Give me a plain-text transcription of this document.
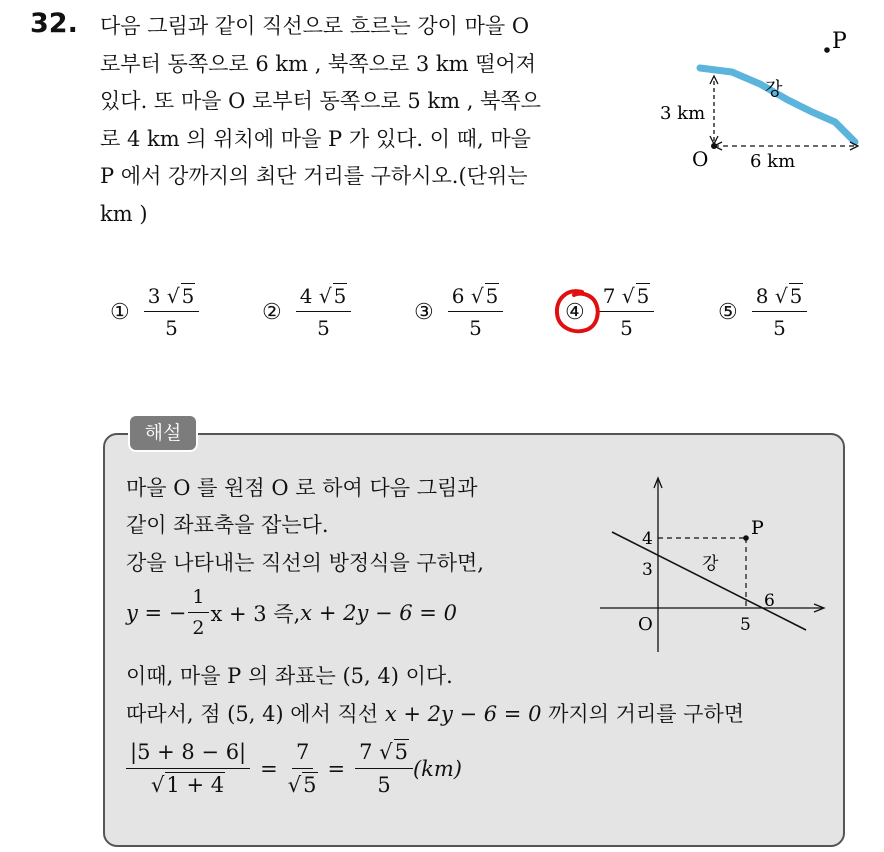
32. 다음 그림과 같이 직선으로 흐르는 강이 마을 O
로부터 동쪽으로 6 km , 북쪽으로 3 km 떨어져
있다. 또 마을 O 로부터 동쪽으로 5 km , 북쪽으
로 4 km 의 위치에 마을 P 가 있다. 이 때, 마을
P 에서 강까지의 최단 거리를 구하시오.(단위는
km )
P
강
3 km
O 6 km
① $\frac{3 √ 5}{5}$	② $\frac{4 √ 5}{5}$	③ $\frac{6 √ 5}{5}$	④ $\frac{7 √ 5}{5}$	⑤ $\frac{8 √ 5}{5}$
해설
마을 O 를 원점 O 로 하여 다음 그림과
같이 좌표축을 잡는다.
강을 나타내는 직선의 방정식을 구하면,
y = − $\frac{1}{2}$ x + 3 즉, x + 2y − 6 = 0
이때, 마을 P 의 좌표는 (5, 4) 이다.
따라서, 점 (5, 4) 에서 직선 x + 2y − 6 = 0 까지의 거리를 구하면
$\frac{|5 + 8 - 6|}{√1 + 4} = \frac{7}{√5} = \frac{7 √5}{5} (km)$
P
4
3	강
6
O	5
